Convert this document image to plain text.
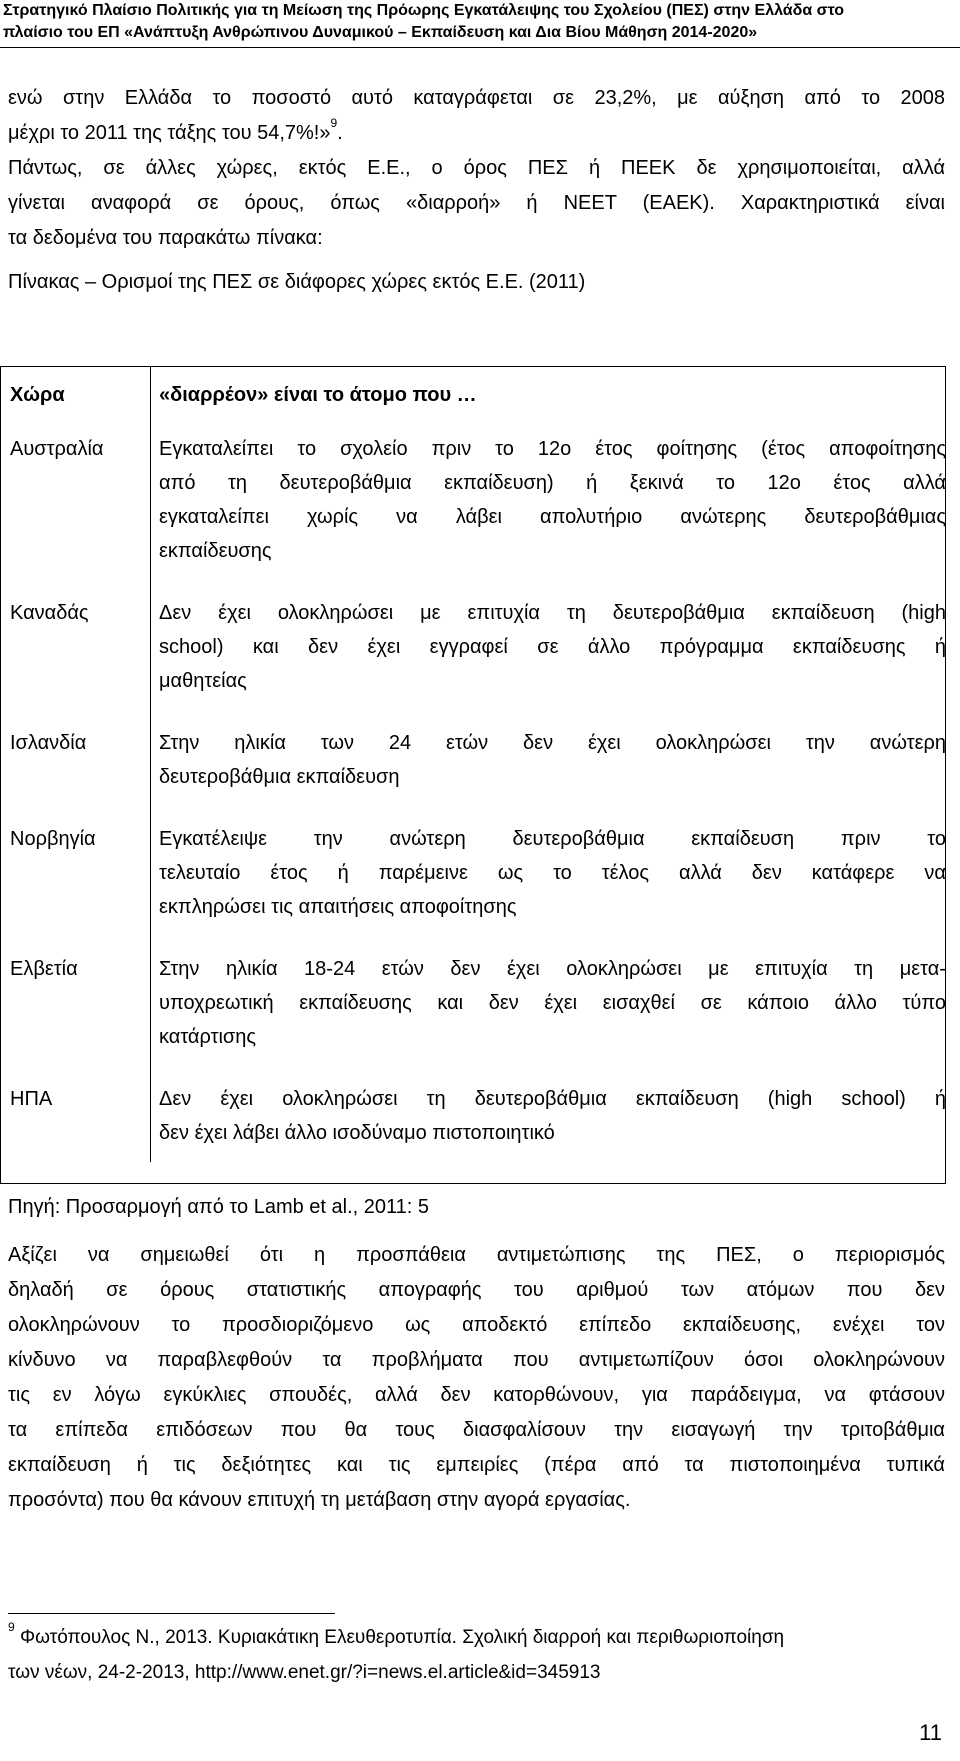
Στρατηγικό Πλαίσιο Πολιτικής για τη Μείωση της Πρόωρης Εγκατάλειψης του Σχολείου (ΠΕΣ) στην Ελλάδα στο
πλαίσιο του ΕΠ «Ανάπτυξη Ανθρώπινου Δυναμικού – Εκπαίδευση και Δια Βίου Μάθηση 2014-2020»
ενώ στην Ελλάδα το ποσοστό αυτό καταγράφεται σε 23,2%, με αύξηση από το 2008
μέχρι το 2011 της τάξης του 54,7%!»$^9$.
Πάντως, σε άλλες χώρες, εκτός Ε.Ε., ο όρος ΠΕΣ ή ΠΕΕΚ δε χρησιμοποιείται, αλλά
γίνεται αναφορά σε όρους, όπως «διαρροή» ή NEET (ΕΑΕΚ). Χαρακτηριστικά είναι
τα δεδομένα του παρακάτω πίνακα:
Πίνακας – Ορισμοί της ΠΕΣ σε διάφορες χώρες εκτός Ε.Ε. (2011)
Χώρα	«διαρρέον» είναι το άτομο που …
Αυστραλία	Εγκαταλείπει το σχολείο πριν το 12ο έτος φοίτησης (έτος αποφοίτησης
από τη δευτεροβάθμια εκπαίδευση) ή ξεκινά το 12ο έτος αλλά
εγκαταλείπει χωρίς να λάβει απολυτήριο ανώτερης δευτεροβάθμιας
εκπαίδευσης

Καναδάς	Δεν έχει ολοκληρώσει με επιτυχία τη δευτεροβάθμια εκπαίδευση (high
school) και δεν έχει εγγραφεί σε άλλο πρόγραμμα εκπαίδευσης ή
μαθητείας

Ισλανδία	Στην ηλικία των 24 ετών δεν έχει ολοκληρώσει την ανώτερη
δευτεροβάθμια εκπαίδευση

Νορβηγία	Εγκατέλειψε την ανώτερη δευτεροβάθμια εκπαίδευση πριν το
τελευταίο έτος ή παρέμεινε ως το τέλος αλλά δεν κατάφερε να
εκπληρώσει τις απαιτήσεις αποφοίτησης

Ελβετία	Στην ηλικία 18-24 ετών δεν έχει ολοκληρώσει με επιτυχία τη μετα-
υποχρεωτική εκπαίδευσης και δεν έχει εισαχθεί σε κάποιο άλλο τύπο
κατάρτισης

ΗΠΑ	Δεν έχει ολοκληρώσει τη δευτεροβάθμια εκπαίδευση (high school) ή
δεν έχει λάβει άλλο ισοδύναμο πιστοποιητικό
Πηγή: Προσαρμογή από το Lamb et al., 2011: 5
Αξίζει να σημειωθεί ότι η προσπάθεια αντιμετώπισης της ΠΕΣ, ο περιορισμός
δηλαδή σε όρους στατιστικής απογραφής του αριθμού των ατόμων που δεν
ολοκληρώνουν το προσδιοριζόμενο ως αποδεκτό επίπεδο εκπαίδευσης, ενέχει τον
κίνδυνο να παραβλεφθούν τα προβλήματα που αντιμετωπίζουν όσοι ολοκληρώνουν
τις εν λόγω εγκύκλιες σπουδές, αλλά δεν κατορθώνουν, για παράδειγμα, να φτάσουν
τα επίπεδα επιδόσεων που θα τους διασφαλίσουν την εισαγωγή την τριτοβάθμια
εκπαίδευση ή τις δεξιότητες και τις εμπειρίες (πέρα από τα πιστοποιημένα τυπικά
προσόντα) που θα κάνουν επιτυχή τη μετάβαση στην αγορά εργασίας.
$^9$ Φωτόπουλος Ν., 2013. Κυριακάτικη Ελευθεροτυπία. Σχολική διαρροή και περιθωριοποίηση
των νέων, 24-2-2013, http://www.enet.gr/?i=news.el.article&id=345913
11
